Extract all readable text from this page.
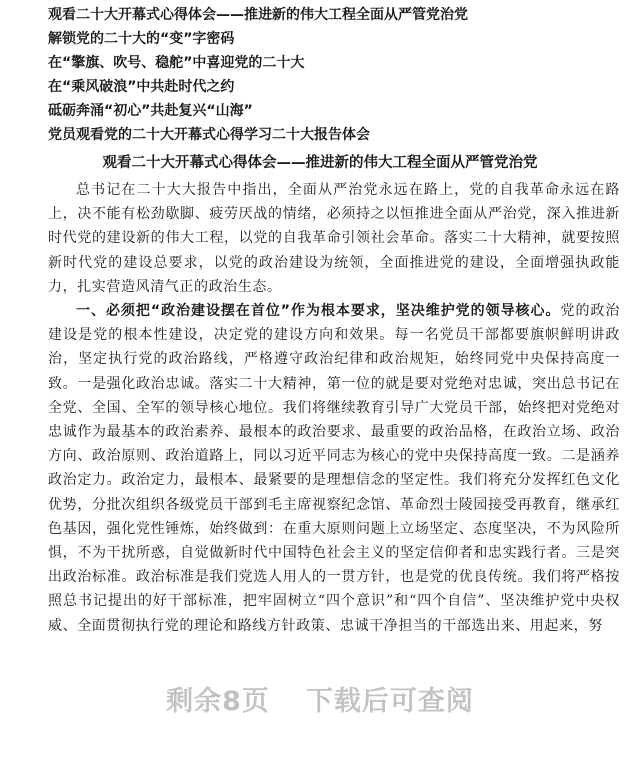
观看二十大开幕式心得体会——推进新的伟大工程全面从严管党治党
解锁党的二十大的“变”字密码
在“擎旗、吹号、稳舵”中喜迎党的二十大
在“乘风破浪”中共赴时代之约
砥砺奔涌“初心”共赴复兴“山海”
党员观看党的二十大开幕式心得学习二十大报告体会
观看二十大开幕式心得体会——推进新的伟大工程全面从严管党治党

总书记在二十大大报告中指出，全面从严治党永远在路上，党的自我革命永远在路上，决不能有松劲歇脚、疲劳厌战的情绪，必须持之以恒推进全面从严治党，深入推进新时代党的建设新的伟大工程，以党的自我革命引领社会革命。落实二十大精神，就要按照新时代党的建设总要求，以党的政治建设为统领，全面推进党的建设，全面增强执政能力，扎实营造风清气正的政治生态。

一、必须把“政治建设摆在首位”作为根本要求，坚决维护党的领导核心。党的政治建设是党的根本性建设，决定党的建设方向和效果。每一名党员干部都要旗帜鲜明讲政治，坚定执行党的政治路线，严格遵守政治纪律和政治规矩，始终同党中央保持高度一致。一是强化政治忠诚。落实二十大精神，第一位的就是要对党绝对忠诚，突出总书记在全党、全国、全军的领导核心地位。我们将继续教育引导广大党员干部，始终把对党绝对忠诚作为最基本的政治素养、最根本的政治要求、最重要的政治品格，在政治立场、政治方向、政治原则、政治道路上，同以习近平同志为核心的党中央保持高度一致。二是涵养政治定力。政治定力，最根本、最紧要的是理想信念的坚定性。我们将充分发挥红色文化优势，分批次组织各级党员干部到毛主席视察纪念馆、革命烈士陵园接受再教育，继承红色基因，强化党性锤炼，始终做到：在重大原则问题上立场坚定、态度坚决，不为风险所惧，不为干扰所惑，自觉做新时代中国特色社会主义的坚定信仰者和忠实践行者。三是突出政治标准。政治标准是我们党选人用人的一贯方针，也是党的优良传统。我们将严格按照总书记提出的好干部标准，把牢固树立“四个意识”和“四个自信”、坚决维护党中央权威、全面贯彻执行党的理论和路线方针政策、忠诚干净担当的干部选出来、用起来，努

剩余8页 下载后可查阅
